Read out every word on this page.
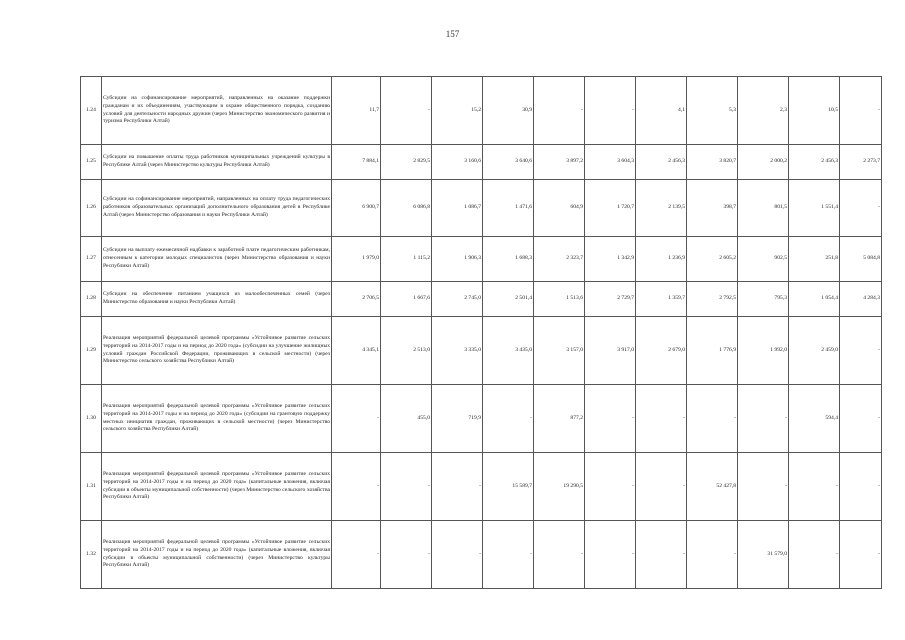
157
1.24	Субсидии на софинансирование мероприятий, направленных на оказание поддержки гражданам и их объединениям, участвующим в охране общественного порядка, созданию условий для деятельности народных дружин (через Министерство экономического развития и туризма Республики Алтай)	11,7	-	15,2	30,9	-	-	4,1	5,3	2,3	10,5	-
1.25	Субсидии на повышение оплаты труда работников муниципальных учреждений культуры в Республике Алтай (через Министерство культуры Республики Алтай)	7 884,1	2 829,5	3 160,6	3 640,6	3 897,2	3 604,3	2 456,3	3 820,7	2 000,2	2 456,3	2 273,7
1.26	Субсидии на софинансирование мероприятий, направленных на оплату труда педагогических работников образовательных организаций дополнительного образования детей в Республике Алтай (через Министерство образования и науки Республики Алтай)	6 900,7	6 086,8	1 086,7	1 471,6	604,9	1 720,7	2 139,5	398,7	801,5	1 551,4	-
1.27	Субсидии на выплату ежемесячной надбавки к заработной плате педагогическим работникам, отнесенным к категории молодых специалистов (через Министерство образования и науки Республики Алтай)	1 979,0	1 115,2	1 906,3	1 688,3	2 323,7	1 342,9	1 236,9	2 605,2	902,5	251,8	5 084,8
1.28	Субсидии на обеспечение питанием учащихся из малообеспеченных семей (через Министерство образования и науки Республики Алтай)	2 706,5	1 667,6	2 745,0	2 501,4	1 513,6	2 729,7	1 359,7	2 792,5	795,3	1 054,4	4 284,3
1.29	Реализация мероприятий федеральной целевой программы «Устойчивое развитие сельских территорий на 2014-2017 годы и на период до 2020 года» (субсидии на улучшение жилищных условий граждан Российской Федерации, проживающих в сельской местности) (через Министерство сельского хозяйства Республики Алтай)	4 345,1	2 513,0	3 335,0	3 435,0	3 157,0	3 917,0	2 679,0	1 776,9	1 992,0	2 459,0	-
1.30	Реализация мероприятий федеральной целевой программы «Устойчивое развитие сельских территорий на 2014-2017 годы и на период до 2020 года» (субсидии на грантовую поддержку местных инициатив граждан, проживающих в сельской местности) (через Министерство сельского хозяйства Республики Алтай)	-	455,0	719,9	-	877,2	-	-	-	-	594,4	-
1.31	Реализация мероприятий федеральной целевой программы «Устойчивое развитие сельских территорий на 2014-2017 годы и на период до 2020 года» (капитальные вложения, включая субсидии в объекты муниципальной собственности) (через Министерство сельского хозяйства Республики Алтай)	-	-	-	15 589,7	19 290,5	-	-	52 427,8	-	-	-
1.32	Реализация мероприятий федеральной целевой программы «Устойчивое развитие сельских территорий на 2014-2017 годы и на период до 2020 года» (капитальные вложения, включая субсидии в объекты муниципальной собственности) (через Министерство культуры Республики Алтай)	-	-	-	-	-	-	-	-	31 579,0	-	-
